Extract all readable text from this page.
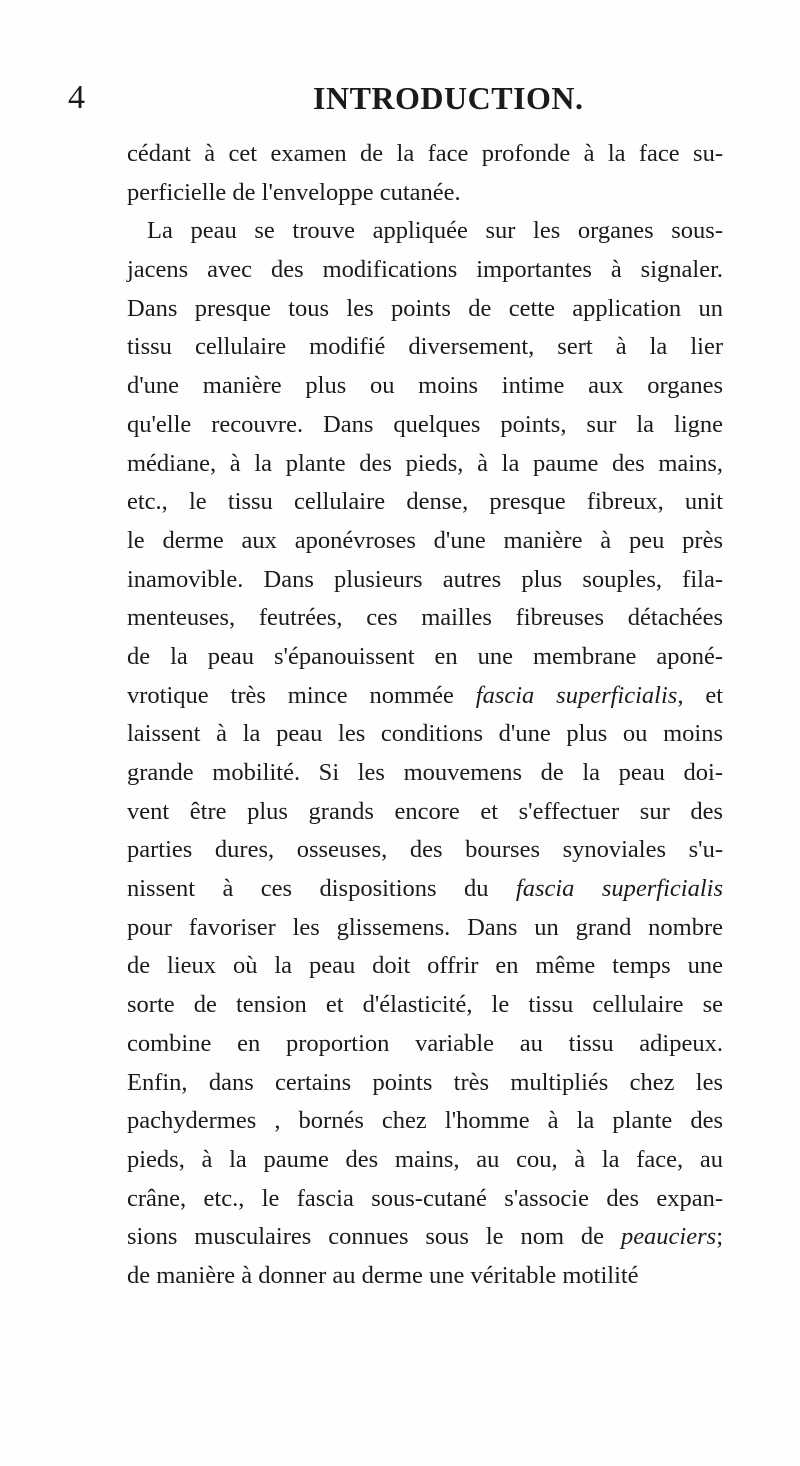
4	INTRODUCTION.
cédant à cet examen de la face profonde à la face su-
perficielle de l'enveloppe cutanée.
La peau se trouve appliquée sur les organes sous-
jacens avec des modifications importantes à signaler.
Dans presque tous les points de cette application un
tissu cellulaire modifié diversement, sert à la lier
d'une manière plus ou moins intime aux organes
qu'elle recouvre. Dans quelques points, sur la ligne
médiane, à la plante des pieds, à la paume des mains,
etc., le tissu cellulaire dense, presque fibreux, unit
le derme aux aponévroses d'une manière à peu près
inamovible. Dans plusieurs autres plus souples, fila-
menteuses, feutrées, ces mailles fibreuses détachées
de la peau s'épanouissent en une membrane aponé-
vrotique très mince nommée fascia superficialis, et
laissent à la peau les conditions d'une plus ou moins
grande mobilité. Si les mouvemens de la peau doi-
vent être plus grands encore et s'effectuer sur des
parties dures, osseuses, des bourses synoviales s'u-
nissent à ces dispositions du fascia superficialis
pour favoriser les glissemens. Dans un grand nombre
de lieux où la peau doit offrir en même temps une
sorte de tension et d'élasticité, le tissu cellulaire se
combine en proportion variable au tissu adipeux.
Enfin, dans certains points très multipliés chez les
pachydermes , bornés chez l'homme à la plante des
pieds, à la paume des mains, au cou, à la face, au
crâne, etc., le fascia sous-cutané s'associe des expan-
sions musculaires connues sous le nom de peauciers;
de manière à donner au derme une véritable motilité
